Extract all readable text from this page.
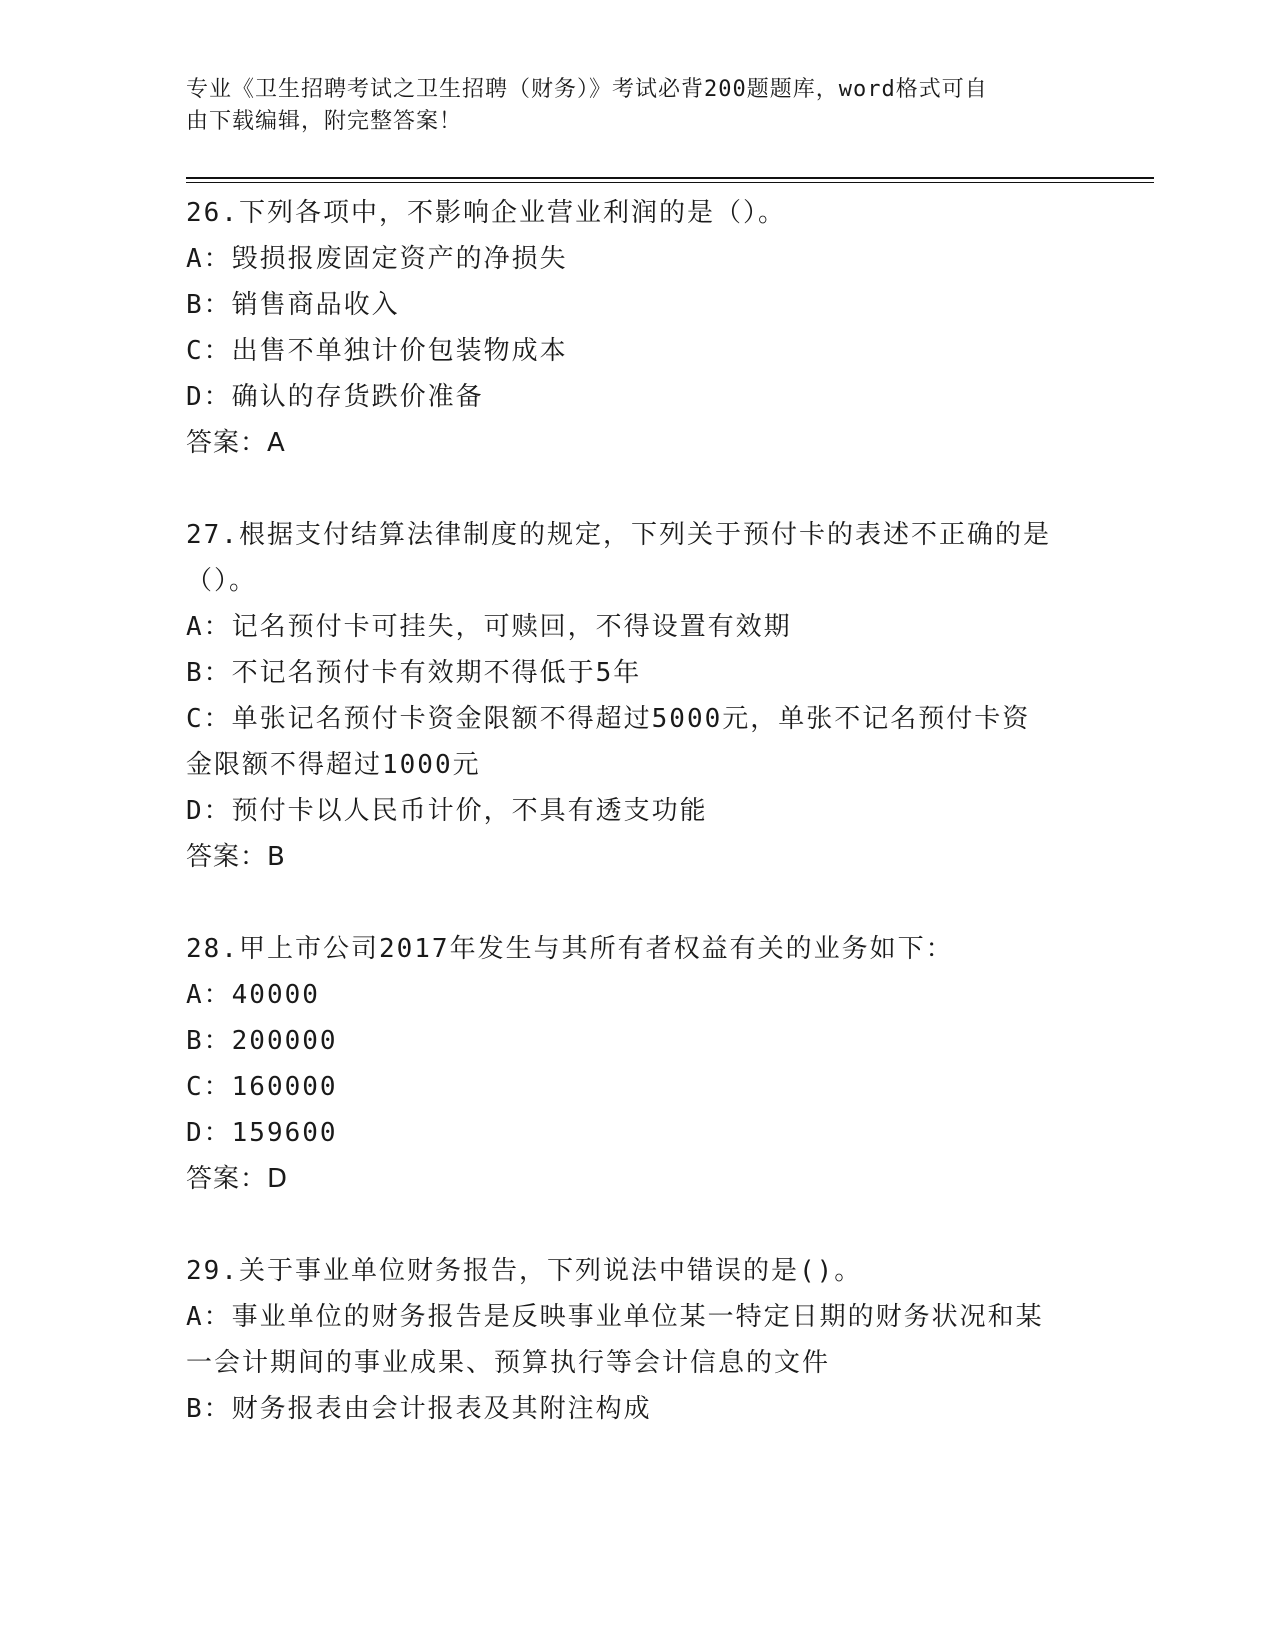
专业《卫生招聘考试之卫生招聘（财务）》考试必背200题题库，word格式可自
由下载编辑，附完整答案！
26.下列各项中，不影响企业营业利润的是（）。
A：毁损报废固定资产的净损失
B：销售商品收入
C：出售不单独计价包装物成本
D：确认的存货跌价准备
答案：A
27.根据支付结算法律制度的规定，下列关于预付卡的表述不正确的是
（）。
A：记名预付卡可挂失，可赎回，不得设置有效期
B：不记名预付卡有效期不得低于5年
C：单张记名预付卡资金限额不得超过5000元，单张不记名预付卡资
金限额不得超过1000元
D：预付卡以人民币计价，不具有透支功能
答案：B
28.甲上市公司2017年发生与其所有者权益有关的业务如下：
A：40000
B：200000
C：160000
D：159600
答案：D
29.关于事业单位财务报告，下列说法中错误的是()。
A：事业单位的财务报告是反映事业单位某一特定日期的财务状况和某
一会计期间的事业成果、预算执行等会计信息的文件
B：财务报表由会计报表及其附注构成
